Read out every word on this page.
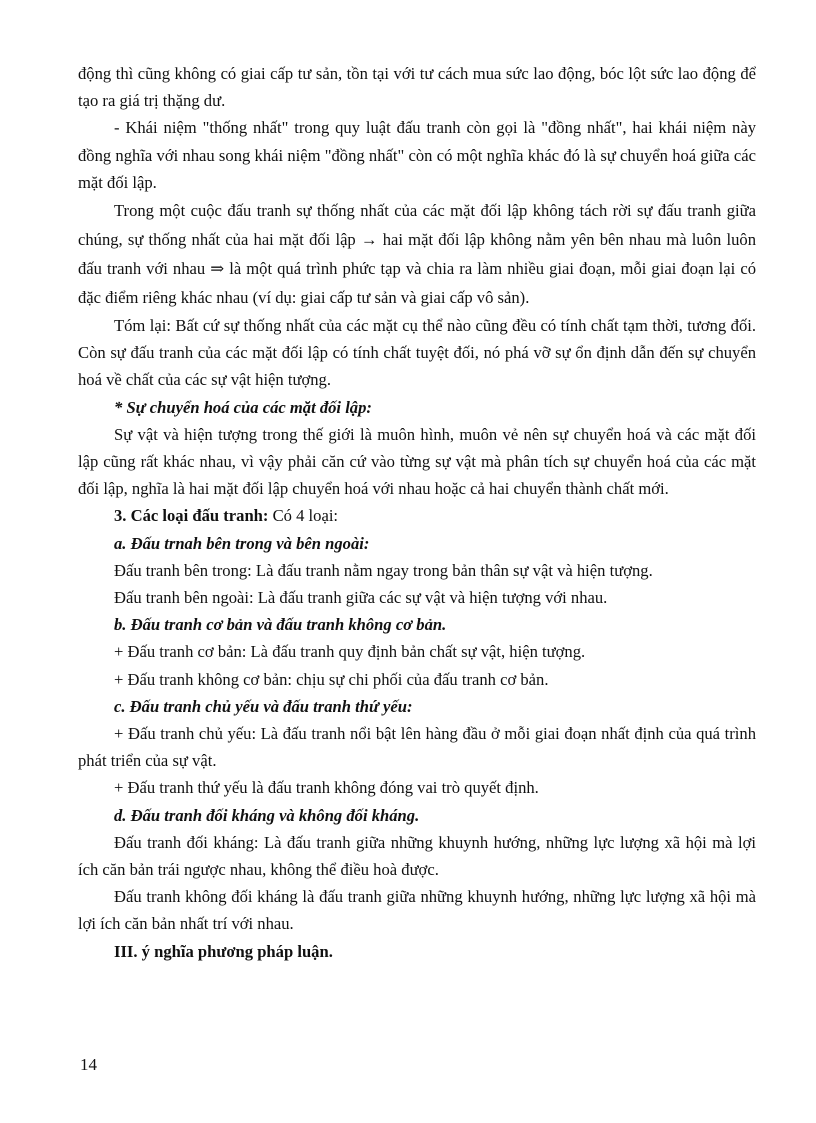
động thì cũng không có giai cấp tư sản, tồn tại với tư cách mua sức lao động, bóc lột sức lao động để tạo ra giá trị thặng dư.

- Khái niệm "thống nhất" trong quy luật đấu tranh còn gọi là "đồng nhất", hai khái niệm này đồng nghĩa với nhau song khái niệm "đồng nhất" còn có một nghĩa khác đó là sự chuyển hoá giữa các mặt đối lập.

Trong một cuộc đấu tranh sự thống nhất của các mặt đối lập không tách rời sự đấu tranh giữa chúng, sự thống nhất của hai mặt đối lập → hai mặt đối lập không nằm yên bên nhau mà luôn luôn đấu tranh với nhau ⇒ là một quá trình phức tạp và chia ra làm nhiều giai đoạn, mỗi giai đoạn lại có đặc điểm riêng khác nhau (ví dụ: giai cấp tư sản và giai cấp vô sản).

Tóm lại: Bất cứ sự thống nhất của các mặt cụ thể nào cũng đều có tính chất tạm thời, tương đối. Còn sự đấu tranh của các mặt đối lập có tính chất tuyệt đối, nó phá vỡ sự ổn định dẫn đến sự chuyển hoá về chất của các sự vật hiện tượng.

* Sự chuyển hoá của các mặt đối lập:

Sự vật và hiện tượng trong thế giới là muôn hình, muôn vẻ nên sự chuyển hoá và các mặt đối lập cũng rất khác nhau, vì vậy phải căn cứ vào từng sự vật mà phân tích sự chuyển hoá của các mặt đối lập, nghĩa là hai mặt đối lập chuyển hoá với nhau hoặc cả hai chuyển thành chất mới.

3. Các loại đấu tranh: Có 4 loại:

a. Đấu trnah bên trong và bên ngoài:

Đấu tranh bên trong: Là đấu tranh nằm ngay trong bản thân sự vật và hiện tượng.

Đấu tranh bên ngoài: Là đấu tranh giữa các sự vật và hiện tượng với nhau.

b. Đấu tranh cơ bản và đấu tranh không cơ bản.

+ Đấu tranh cơ bản: Là đấu tranh quy định bản chất sự vật, hiện tượng.

+ Đấu tranh không cơ bản: chịu sự chi phối của đấu tranh cơ bản.

c. Đấu tranh chủ yếu và đấu tranh thứ yếu:

+ Đấu tranh chủ yếu: Là đấu tranh nổi bật lên hàng đầu ở mỗi giai đoạn nhất định của quá trình phát triển của sự vật.

+ Đấu tranh thứ yếu là đấu tranh không đóng vai trò quyết định.

d. Đấu tranh đối kháng và không đối kháng.

Đấu tranh đối kháng: Là đấu tranh giữa những khuynh hướng, những lực lượng xã hội mà lợi ích căn bản trái ngược nhau, không thể điều hoà được.

Đấu tranh không đối kháng là đấu tranh giữa những khuynh hướng, những lực lượng xã hội mà lợi ích căn bản nhất trí với nhau.

III. ý nghĩa phương pháp luận.

14
